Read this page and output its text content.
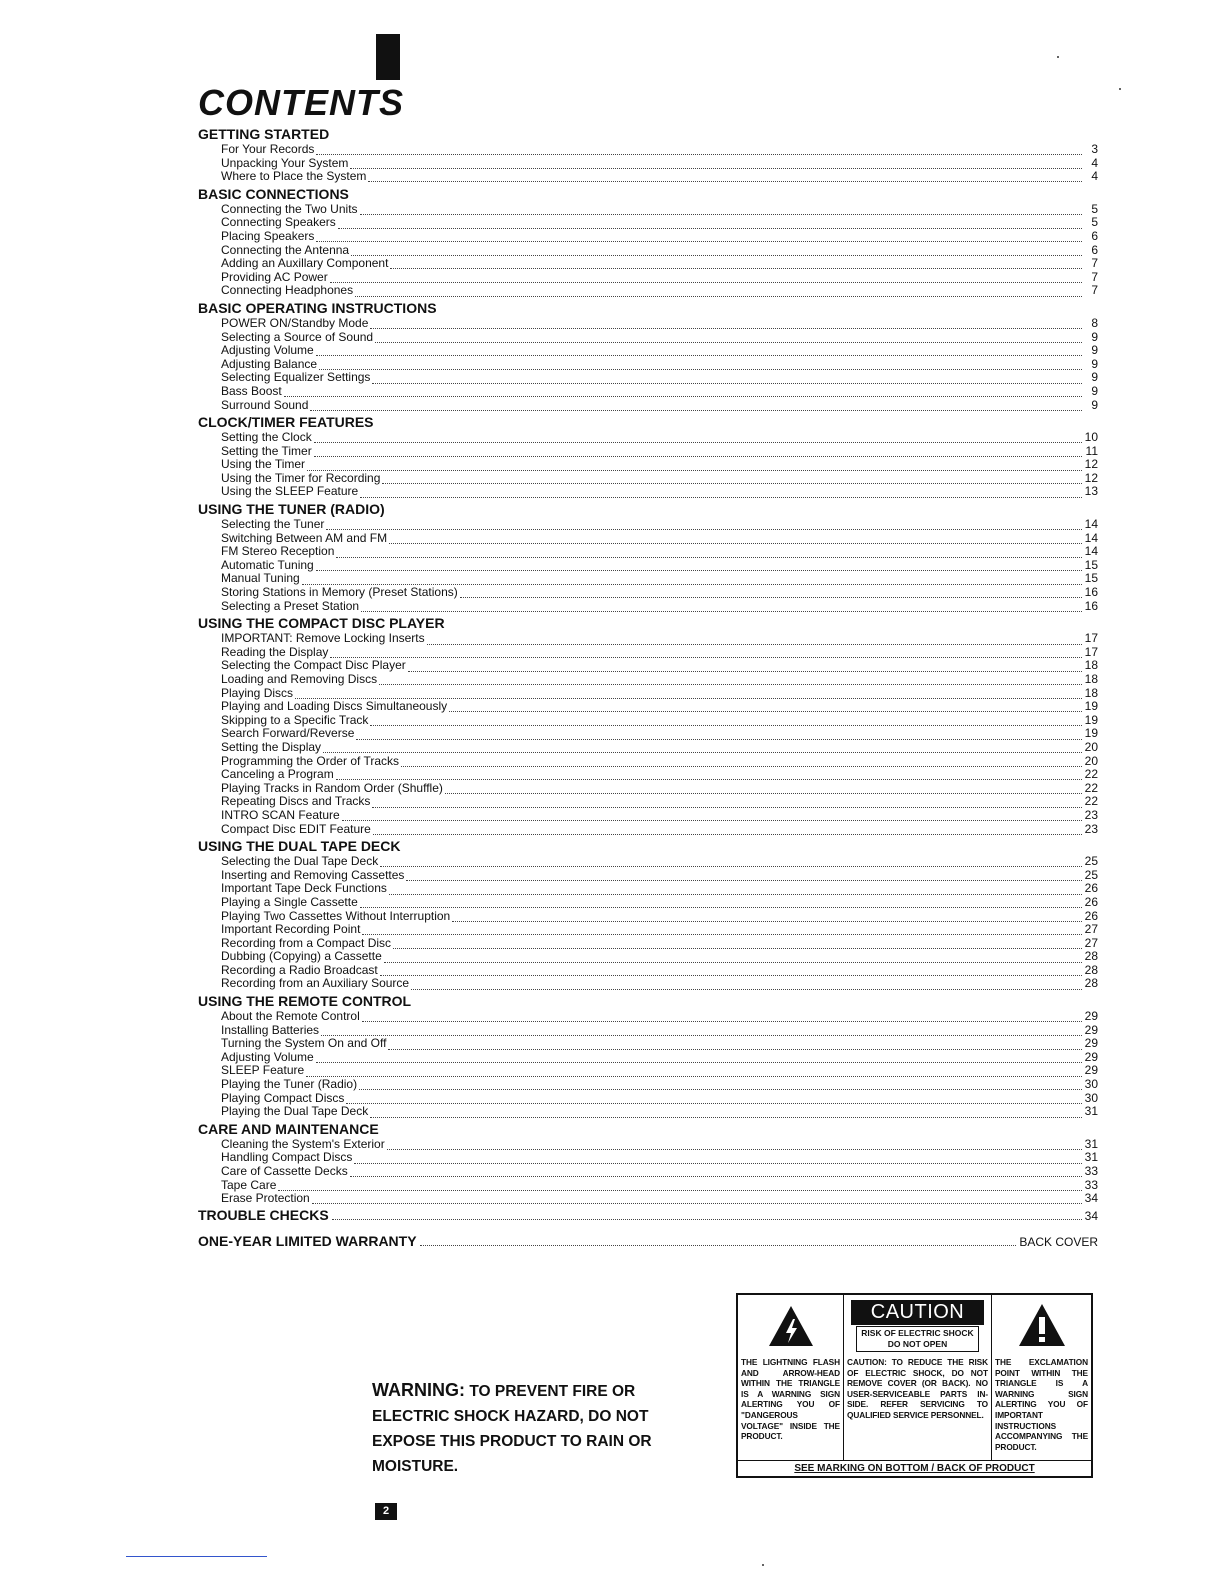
CONTENTS
GETTING STARTED
For Your Records	3
Unpacking Your System	4
Where to Place the System	4
BASIC CONNECTIONS
Connecting the Two Units	5
Connecting Speakers	5
Placing Speakers	6
Connecting the Antenna	6
Adding an Auxillary Component	7
Providing AC Power	7
Connecting Headphones	7
BASIC OPERATING INSTRUCTIONS
POWER ON/Standby Mode	8
Selecting a Source of Sound	9
Adjusting Volume	9
Adjusting Balance	9
Selecting Equalizer Settings	9
Bass Boost	9
Surround Sound	9
CLOCK/TIMER FEATURES
Setting the Clock	10
Setting the Timer	11
Using the Timer	12
Using the Timer for Recording	12
Using the SLEEP Feature	13
USING THE TUNER (RADIO)
Selecting the Tuner	14
Switching Between AM and FM	14
FM Stereo Reception	14
Automatic Tuning	15
Manual Tuning	15
Storing Stations in Memory (Preset Stations)	16
Selecting a Preset Station	16
USING THE COMPACT DISC PLAYER
IMPORTANT: Remove Locking Inserts	17
Reading the Display	17
Selecting the Compact Disc Player	18
Loading and Removing Discs	18
Playing Discs	18
Playing and Loading Discs Simultaneously	19
Skipping to a Specific Track	19
Search Forward/Reverse	19
Setting the Display	20
Programming the Order of Tracks	20
Canceling a Program	22
Playing Tracks in Random Order (Shuffle)	22
Repeating Discs and Tracks	22
INTRO SCAN Feature	23
Compact Disc EDIT Feature	23
USING THE DUAL TAPE DECK
Selecting the Dual Tape Deck	25
Inserting and Removing Cassettes	25
Important Tape Deck Functions	26
Playing a Single Cassette	26
Playing Two Cassettes Without Interruption	26
Important Recording Point	27
Recording from a Compact Disc	27
Dubbing (Copying) a Cassette	28
Recording a Radio Broadcast	28
Recording from an Auxiliary Source	28
USING THE REMOTE CONTROL
About the Remote Control	29
Installing Batteries	29
Turning the System On and Off	29
Adjusting Volume	29
SLEEP Feature	29
Playing the Tuner (Radio)	30
Playing Compact Discs	30
Playing the Dual Tape Deck	31
CARE AND MAINTENANCE
Cleaning the System's Exterior	31
Handling Compact Discs	31
Care of Cassette Decks	33
Tape Care	33
Erase Protection	34
TROUBLE CHECKS	34
ONE-YEAR LIMITED WARRANTY	BACK COVER
WARNING: TO PREVENT FIRE OR ELECTRIC SHOCK HAZARD, DO NOT EXPOSE THIS PRODUCT TO RAIN OR MOISTURE.
THE LIGHTNING FLASH AND ARROW-HEAD WITHIN THE TRIANGLE IS A WARNING SIGN ALERTING YOU OF "DANGEROUS VOLTAGE" INSIDE THE PRODUCT.
CAUTION
RISK OF ELECTRIC SHOCK
DO NOT OPEN
CAUTION: TO REDUCE THE RISK OF ELECTRIC SHOCK, DO NOT REMOVE COVER (OR BACK). NO USER-SERVICEABLE PARTS IN-SIDE. REFER SERVICING TO QUALIFIED SERVICE PERSONNEL.
THE EXCLAMATION POINT WITHIN THE TRIANGLE IS A WARNING SIGN ALERTING YOU OF IMPORTANT INSTRUCTIONS ACCOMPANYING THE PRODUCT.
SEE MARKING ON BOTTOM / BACK OF PRODUCT
2
